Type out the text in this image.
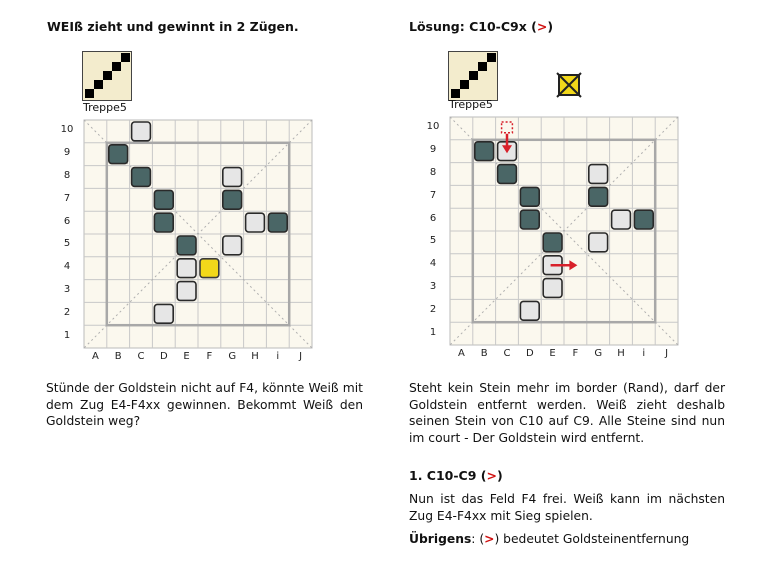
WEIß zieht und gewinnt in 2 Zügen.
Treppe5
10
9
8
7
6
5
4
3
2
1
A	B	C	D	E	F	G	H	i	J
Stünde der Goldstein nicht auf F4, könnte Weiß mit dem Zug E4-F4xx gewinnen. Bekommt Weiß den Goldstein weg?
Lösung: C10-C9x (>)
Treppe5
10
9
8
7
6
5
4
3
2
1
A	B	C	D	E	F	G	H	i	J
Steht kein Stein mehr im border (Rand), darf der Goldstein entfernt werden. Weiß zieht deshalb seinen Stein von C10 auf C9. Alle Steine sind nun im court - Der Goldstein wird entfernt.
1. C10-C9 (>)
Nun ist das Feld F4 frei. Weiß kann im nächsten Zug E4-F4xx mit Sieg spielen.
Übrigens: (>) bedeutet Goldsteinentfernung
